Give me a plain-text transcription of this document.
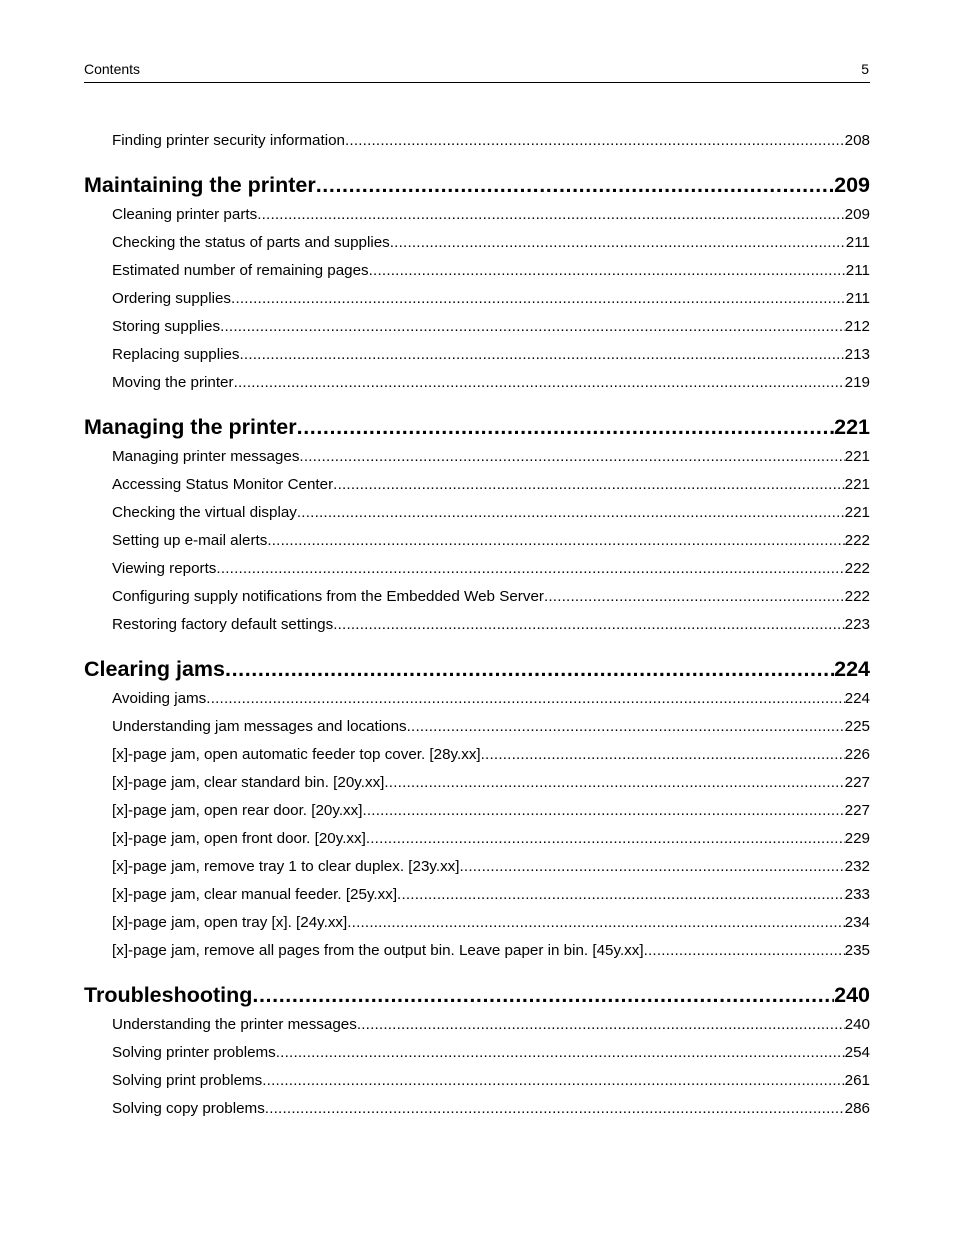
Contents	5
Finding printer security information .....	208
Maintaining the printer .....	209
Cleaning printer parts .....	209
Checking the status of parts and supplies .....	211
Estimated number of remaining pages .....	211
Ordering supplies .....	211
Storing supplies .....	212
Replacing supplies .....	213
Moving the printer .....	219
Managing the printer .....	221
Managing printer messages .....	221
Accessing Status Monitor Center .....	221
Checking the virtual display .....	221
Setting up e-mail alerts .....	222
Viewing reports .....	222
Configuring supply notifications from the Embedded Web Server .....	222
Restoring factory default settings .....	223
Clearing jams .....	224
Avoiding jams .....	224
Understanding jam messages and locations .....	225
[x]-page jam, open automatic feeder top cover. [28y.xx] .....	226
[x]-page jam, clear standard bin. [20y.xx] .....	227
[x]-page jam, open rear door. [20y.xx] .....	227
[x]-page jam, open front door. [20y.xx] .....	229
[x]-page jam, remove tray 1 to clear duplex. [23y.xx] .....	232
[x]-page jam, clear manual feeder. [25y.xx] .....	233
[x]-page jam, open tray [x]. [24y.xx] .....	234
[x]-page jam, remove all pages from the output bin. Leave paper in bin. [45y.xx] .....	235
Troubleshooting .....	240
Understanding the printer messages .....	240
Solving printer problems .....	254
Solving print problems .....	261
Solving copy problems .....	286
